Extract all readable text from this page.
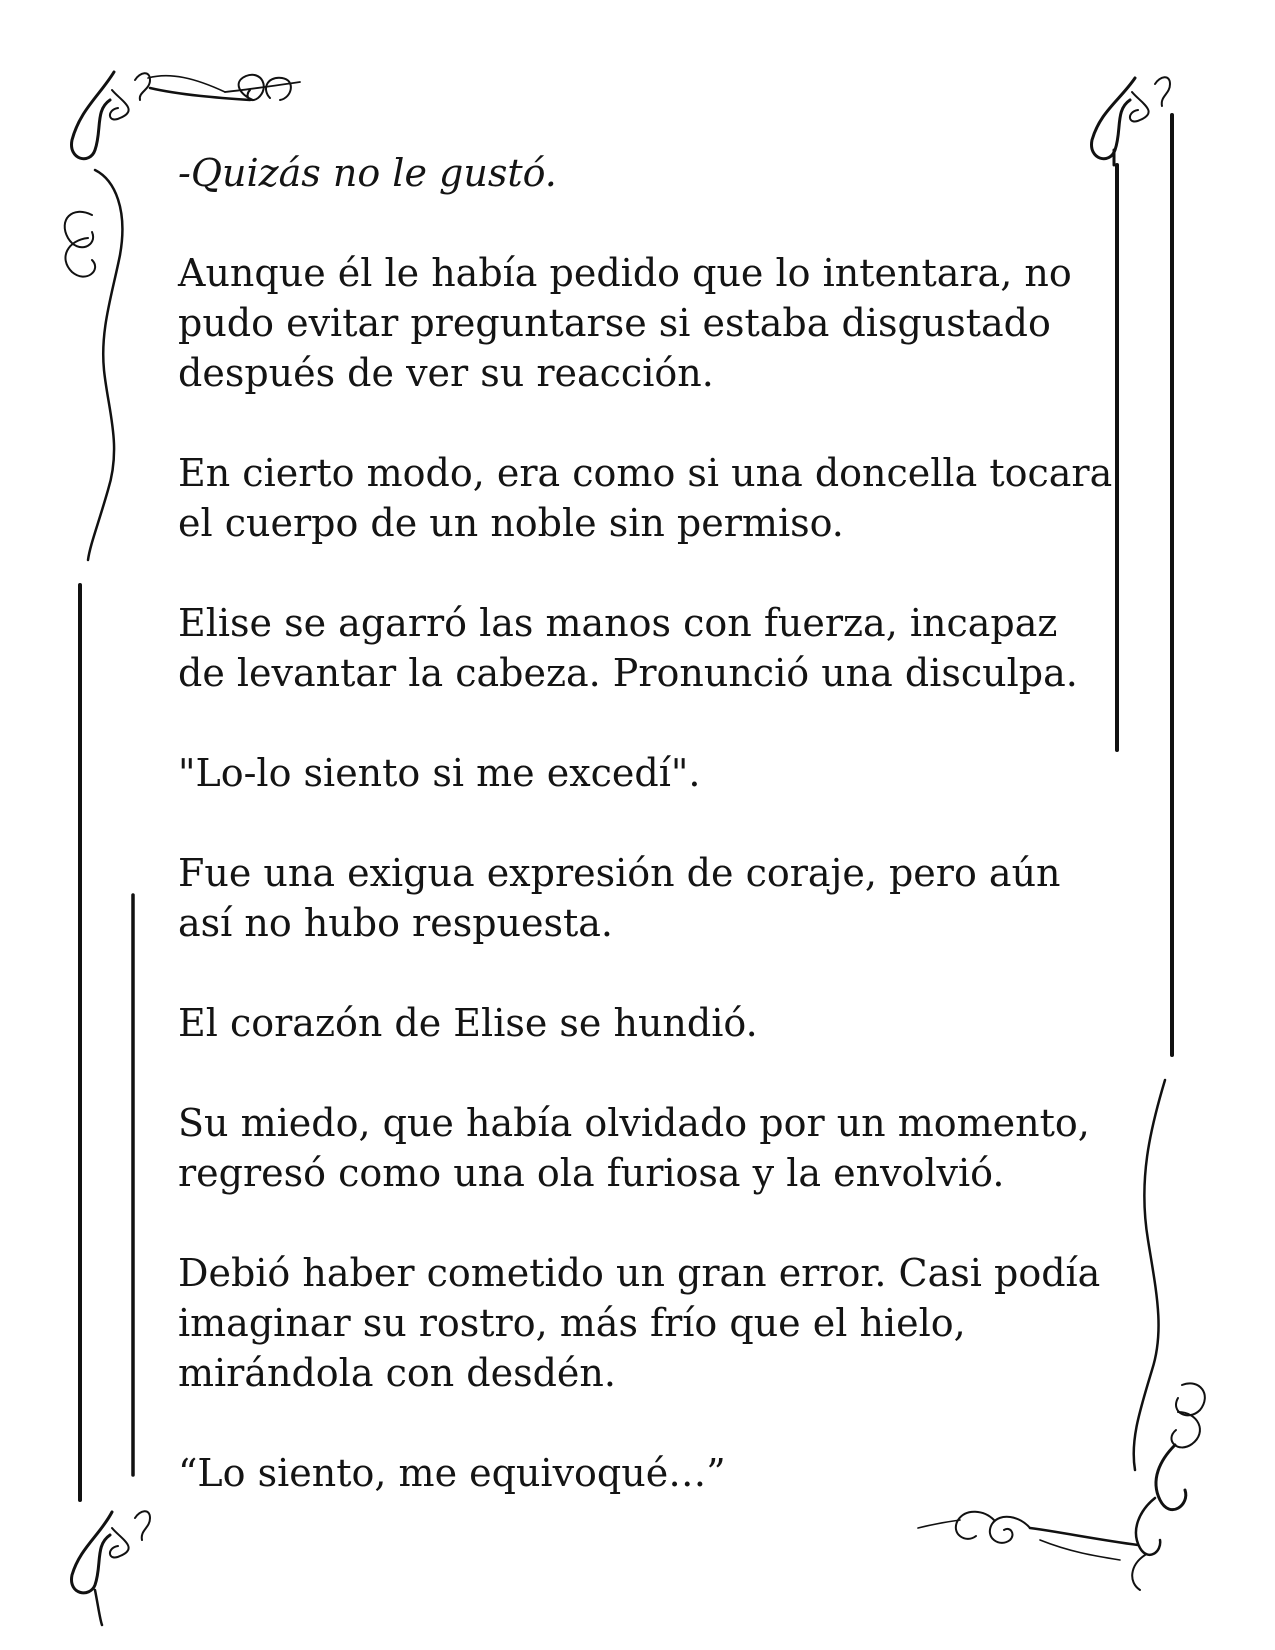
-Quizás no le gustó.

Aunque él le había pedido que lo intentara, no
pudo evitar preguntarse si estaba disgustado
después de ver su reacción.

En cierto modo, era como si una doncella tocara
el cuerpo de un noble sin permiso.

Elise se agarró las manos con fuerza, incapaz
de levantar la cabeza. Pronunció una disculpa.

"Lo-lo siento si me excedí".

Fue una exigua expresión de coraje, pero aún
así no hubo respuesta.

El corazón de Elise se hundió.

Su miedo, que había olvidado por un momento,
regresó como una ola furiosa y la envolvió.

Debió haber cometido un gran error. Casi podía
imaginar su rostro, más frío que el hielo,
mirándola con desdén.

“Lo siento, me equivoqué…”
